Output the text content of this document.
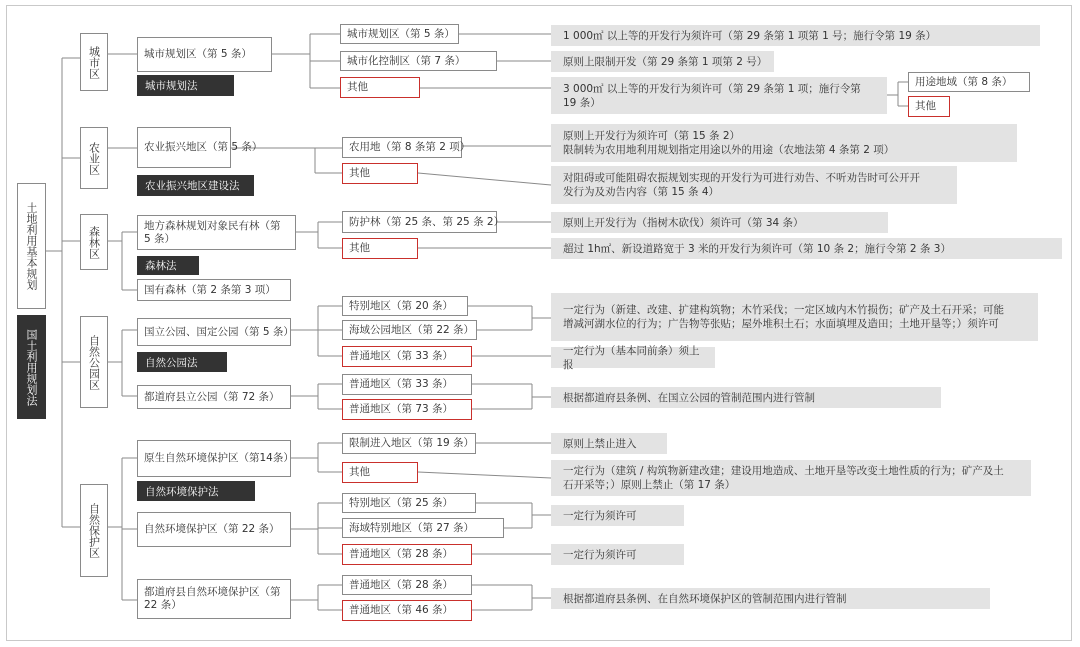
土地利用基本规划
国土利用规划法
城市区
农业区
森林区
自然公园区
自然保护区
城市规划区（第 5 条）
城市规划法
农业振兴地区（第 5 条）
农业振兴地区建设法
地方森林规划对象民有林（第 5 条）
森林法
国有森林（第 2 条第 3 项）
国立公园、国定公园（第 5 条）
自然公园法
都道府县立公园（第 72 条）
原生自然环境保护区（第14条）
自然环境保护法
自然环境保护区（第 22 条）
都道府县自然环境保护区（第 22 条）
城市规划区（第 5 条）
城市化控制区（第 7 条）
其他
农用地（第 8 条第 2 项）
其他
防护林（第 25 条、第 25 条 2）
其他
特别地区（第 20 条）
海域公园地区（第 22 条）
普通地区（第 33 条）
普通地区（第 33 条）
普通地区（第 73 条）
限制进入地区（第 19 条）
其他
特别地区（第 25 条）
海域特别地区（第 27 条）
普通地区（第 28 条）
普通地区（第 28 条）
普通地区（第 46 条）
用途地域（第 8 条）
其他
1 000㎡ 以上等的开发行为须许可（第 29 条第 1 项第 1 号；施行令第 19 条）
原则上限制开发（第 29 条第 1 项第 2 号）
3 000㎡ 以上等的开发行为须许可（第 29 条第 1 项；施行令第 19 条）
原则上开发行为须许可（第 15 条 2）
限制转为农用地利用规划指定用途以外的用途（农地法第 4 条第 2 项）
对阻碍或可能阻碍农振规划实现的开发行为可进行劝告、不听劝告时可公开开
发行为及劝告内容（第 15 条 4）
原则上开发行为（指树木砍伐）须许可（第 34 条）
超过 1h㎡、新设道路宽于 3 米的开发行为须许可（第 10 条 2；施行令第 2 条 3）
一定行为（新建、改建、扩建构筑物；木竹采伐；一定区域内木竹损伤；矿产及土石开采；可能
增减河湖水位的行为；广告物等张贴；屋外堆积土石；水面填埋及造田；土地开垦等；）须许可
一定行为（基本同前条）须上报
根据都道府县条例、在国立公园的管制范围内进行管制
原则上禁止进入
一定行为（建筑 / 构筑物新建改建；建设用地造成、土地开垦等改变土地性质的行为；矿产及土
石开采等；）原则上禁止（第 17 条）
一定行为须许可
一定行为须许可
根据都道府县条例、在自然环境保护区的管制范围内进行管制
